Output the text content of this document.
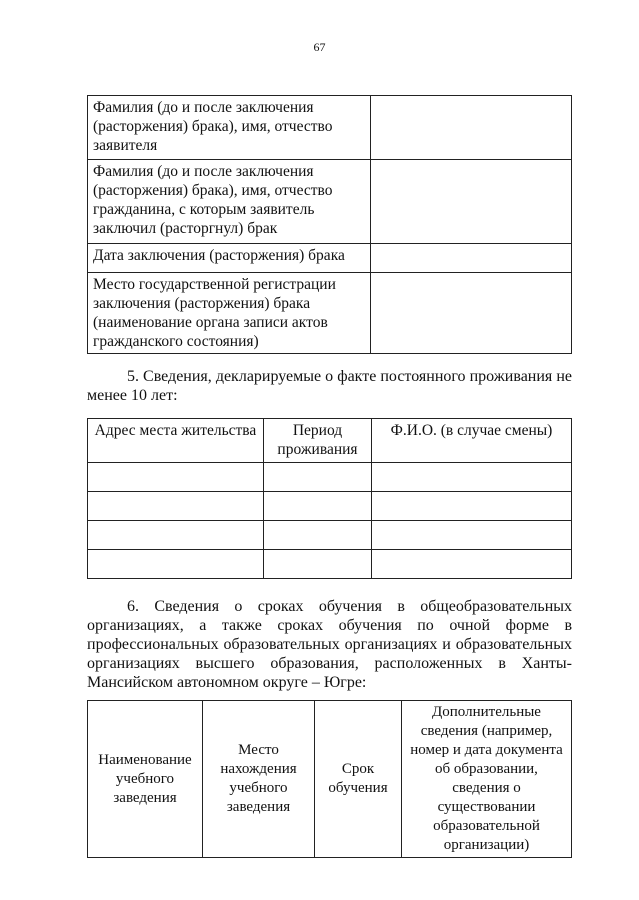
67
Фамилия (до и после заключения (расторжения) брака), имя, отчество заявителя	
Фамилия (до и после заключения (расторжения) брака), имя, отчество гражданина, с которым заявитель заключил (расторгнул) брак	
Дата заключения (расторжения) брака	
Место государственной регистрации заключения (расторжения) брака (наименование органа записи актов гражданского состояния)	
5. Сведения, декларируемые о факте постоянного проживания не менее 10 лет:
Адрес места жительства	Период проживания	Ф.И.О. (в случае смены)

6. Сведения о сроках обучения в общеобразовательных организациях, а также сроках обучения по очной форме в профессиональных образовательных организациях и образовательных организациях высшего образования, расположенных в Ханты-Мансийском автономном округе – Югре:
Наименование учебного заведения	Место нахождения учебного заведения	Срок обучения	Дополнительные сведения (например, номер и дата документа об образовании, сведения о существовании образовательной организации)
